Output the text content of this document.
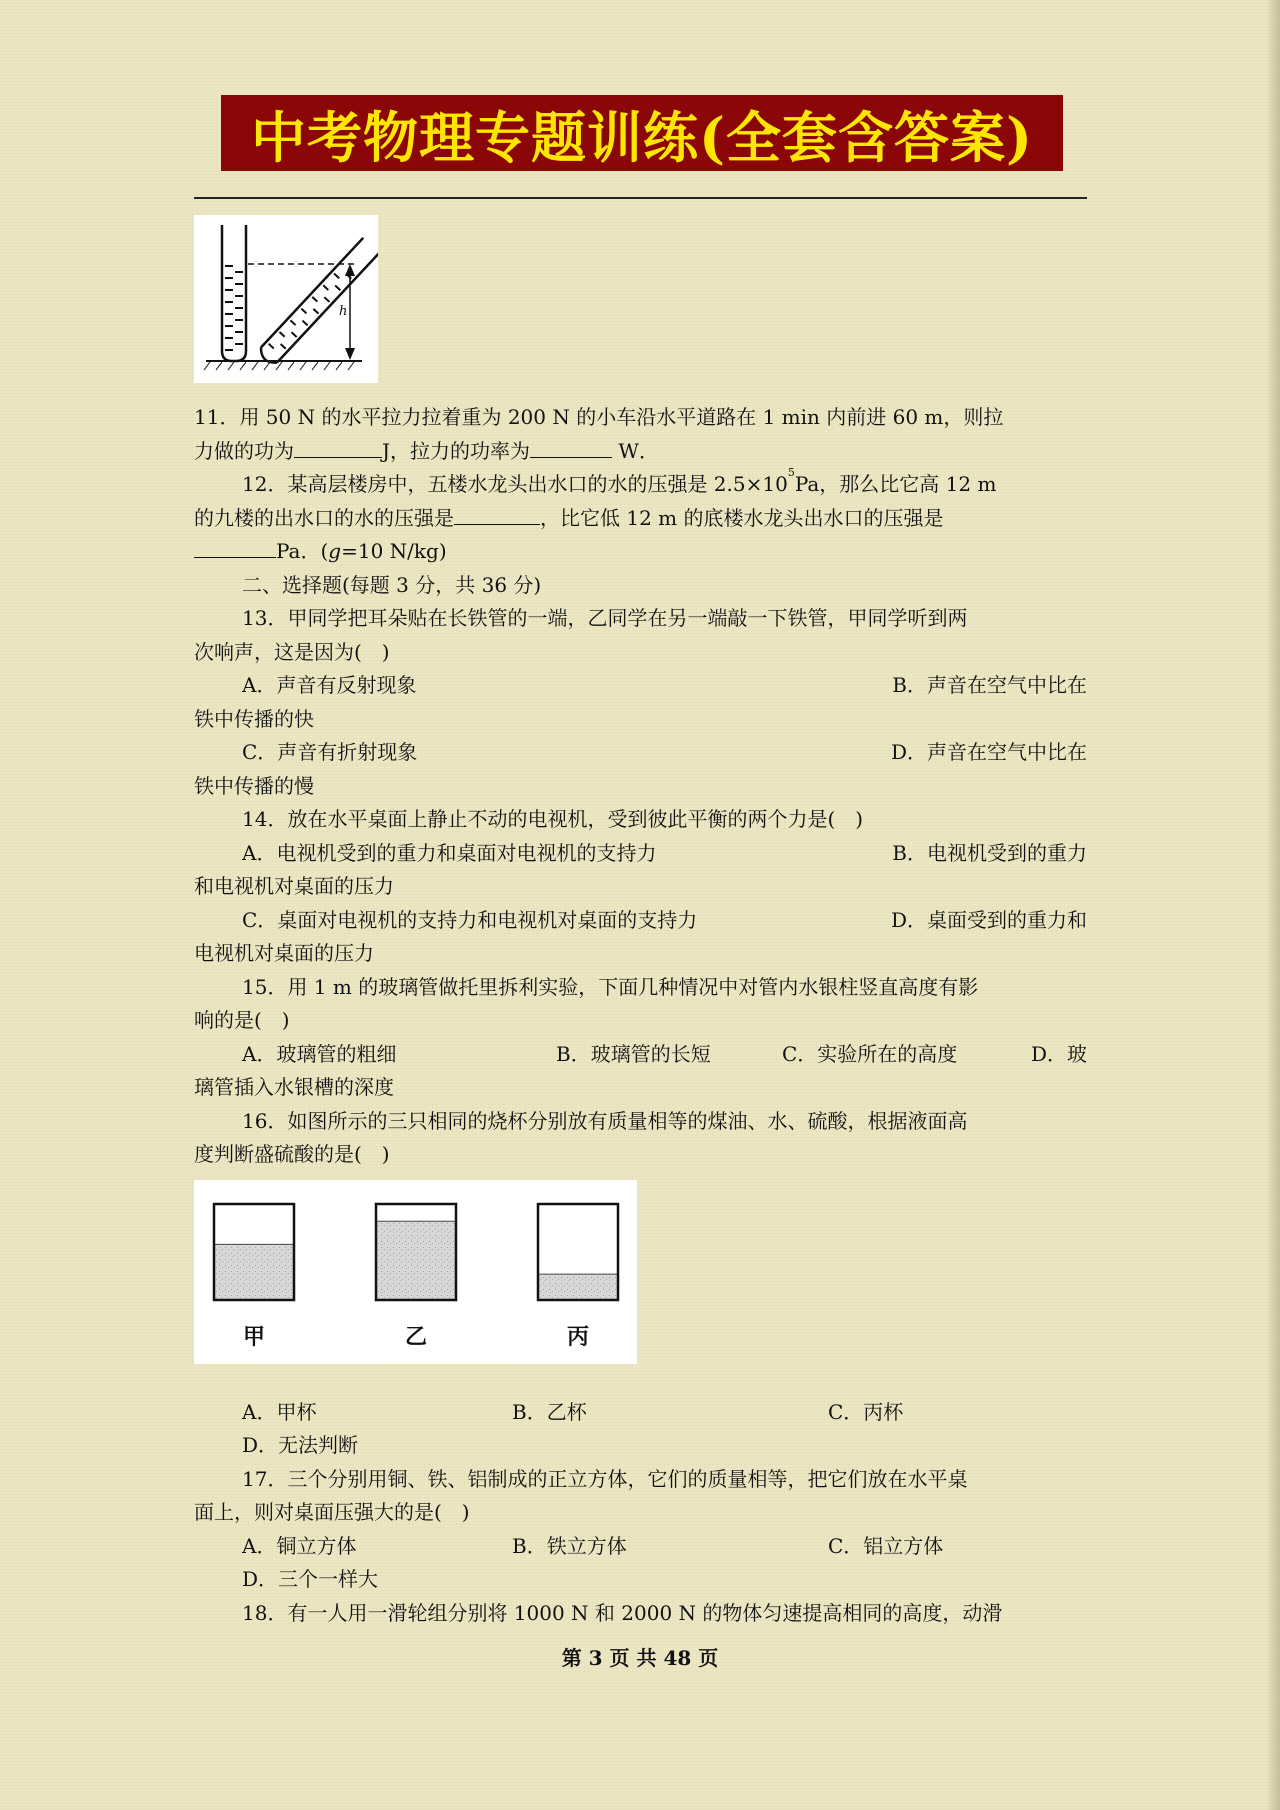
中考物理专题训练(全套含答案)
h
11．用 50 N 的水平拉力拉着重为 200 N 的小车沿水平道路在 1 min 内前进 60 m，则拉
力做的功为	J，拉力的功率为	W．
12．某高层楼房中，五楼水龙头出水口的水的压强是 $2.5\times 10^5Pa$，那么比它高 12 m
的九楼的出水口的水的压强是	，比它低 12 m 的底楼水龙头出水口的压强是
Pa．(g=10 N/kg)
二、选择题(每题 3 分，共 36 分)
13．甲同学把耳朵贴在长铁管的一端，乙同学在另一端敲一下铁管，甲同学听到两
次响声，这是因为(　)
A．声音有反射现象	B．声音在空气中比在
铁中传播的快
C．声音有折射现象	D．声音在空气中比在
铁中传播的慢
14．放在水平桌面上静止不动的电视机，受到彼此平衡的两个力是(　)
A．电视机受到的重力和桌面对电视机的支持力	B．电视机受到的重力
和电视机对桌面的压力
C．桌面对电视机的支持力和电视机对桌面的支持力	D．桌面受到的重力和
电视机对桌面的压力
15．用 1 m 的玻璃管做托里拆利实验，下面几种情况中对管内水银柱竖直高度有影
响的是(　)
A．玻璃管的粗细	B．玻璃管的长短	C．实验所在的高度	D．玻
璃管插入水银槽的深度
16．如图所示的三只相同的烧杯分别放有质量相等的煤油、水、硫酸，根据液面高
度判断盛硫酸的是(　)
A．甲杯	B．乙杯	C．丙杯
D．无法判断
17．三个分别用铜、铁、铝制成的正立方体，它们的质量相等，把它们放在水平桌
面上，则对桌面压强大的是(　)
A．铜立方体	B．铁立方体	C．铝立方体
D．三个一样大
18．有一人用一滑轮组分别将 1000 N 和 2000 N 的物体匀速提高相同的高度，动滑
甲	乙	丙
第 3 页 共 48 页
